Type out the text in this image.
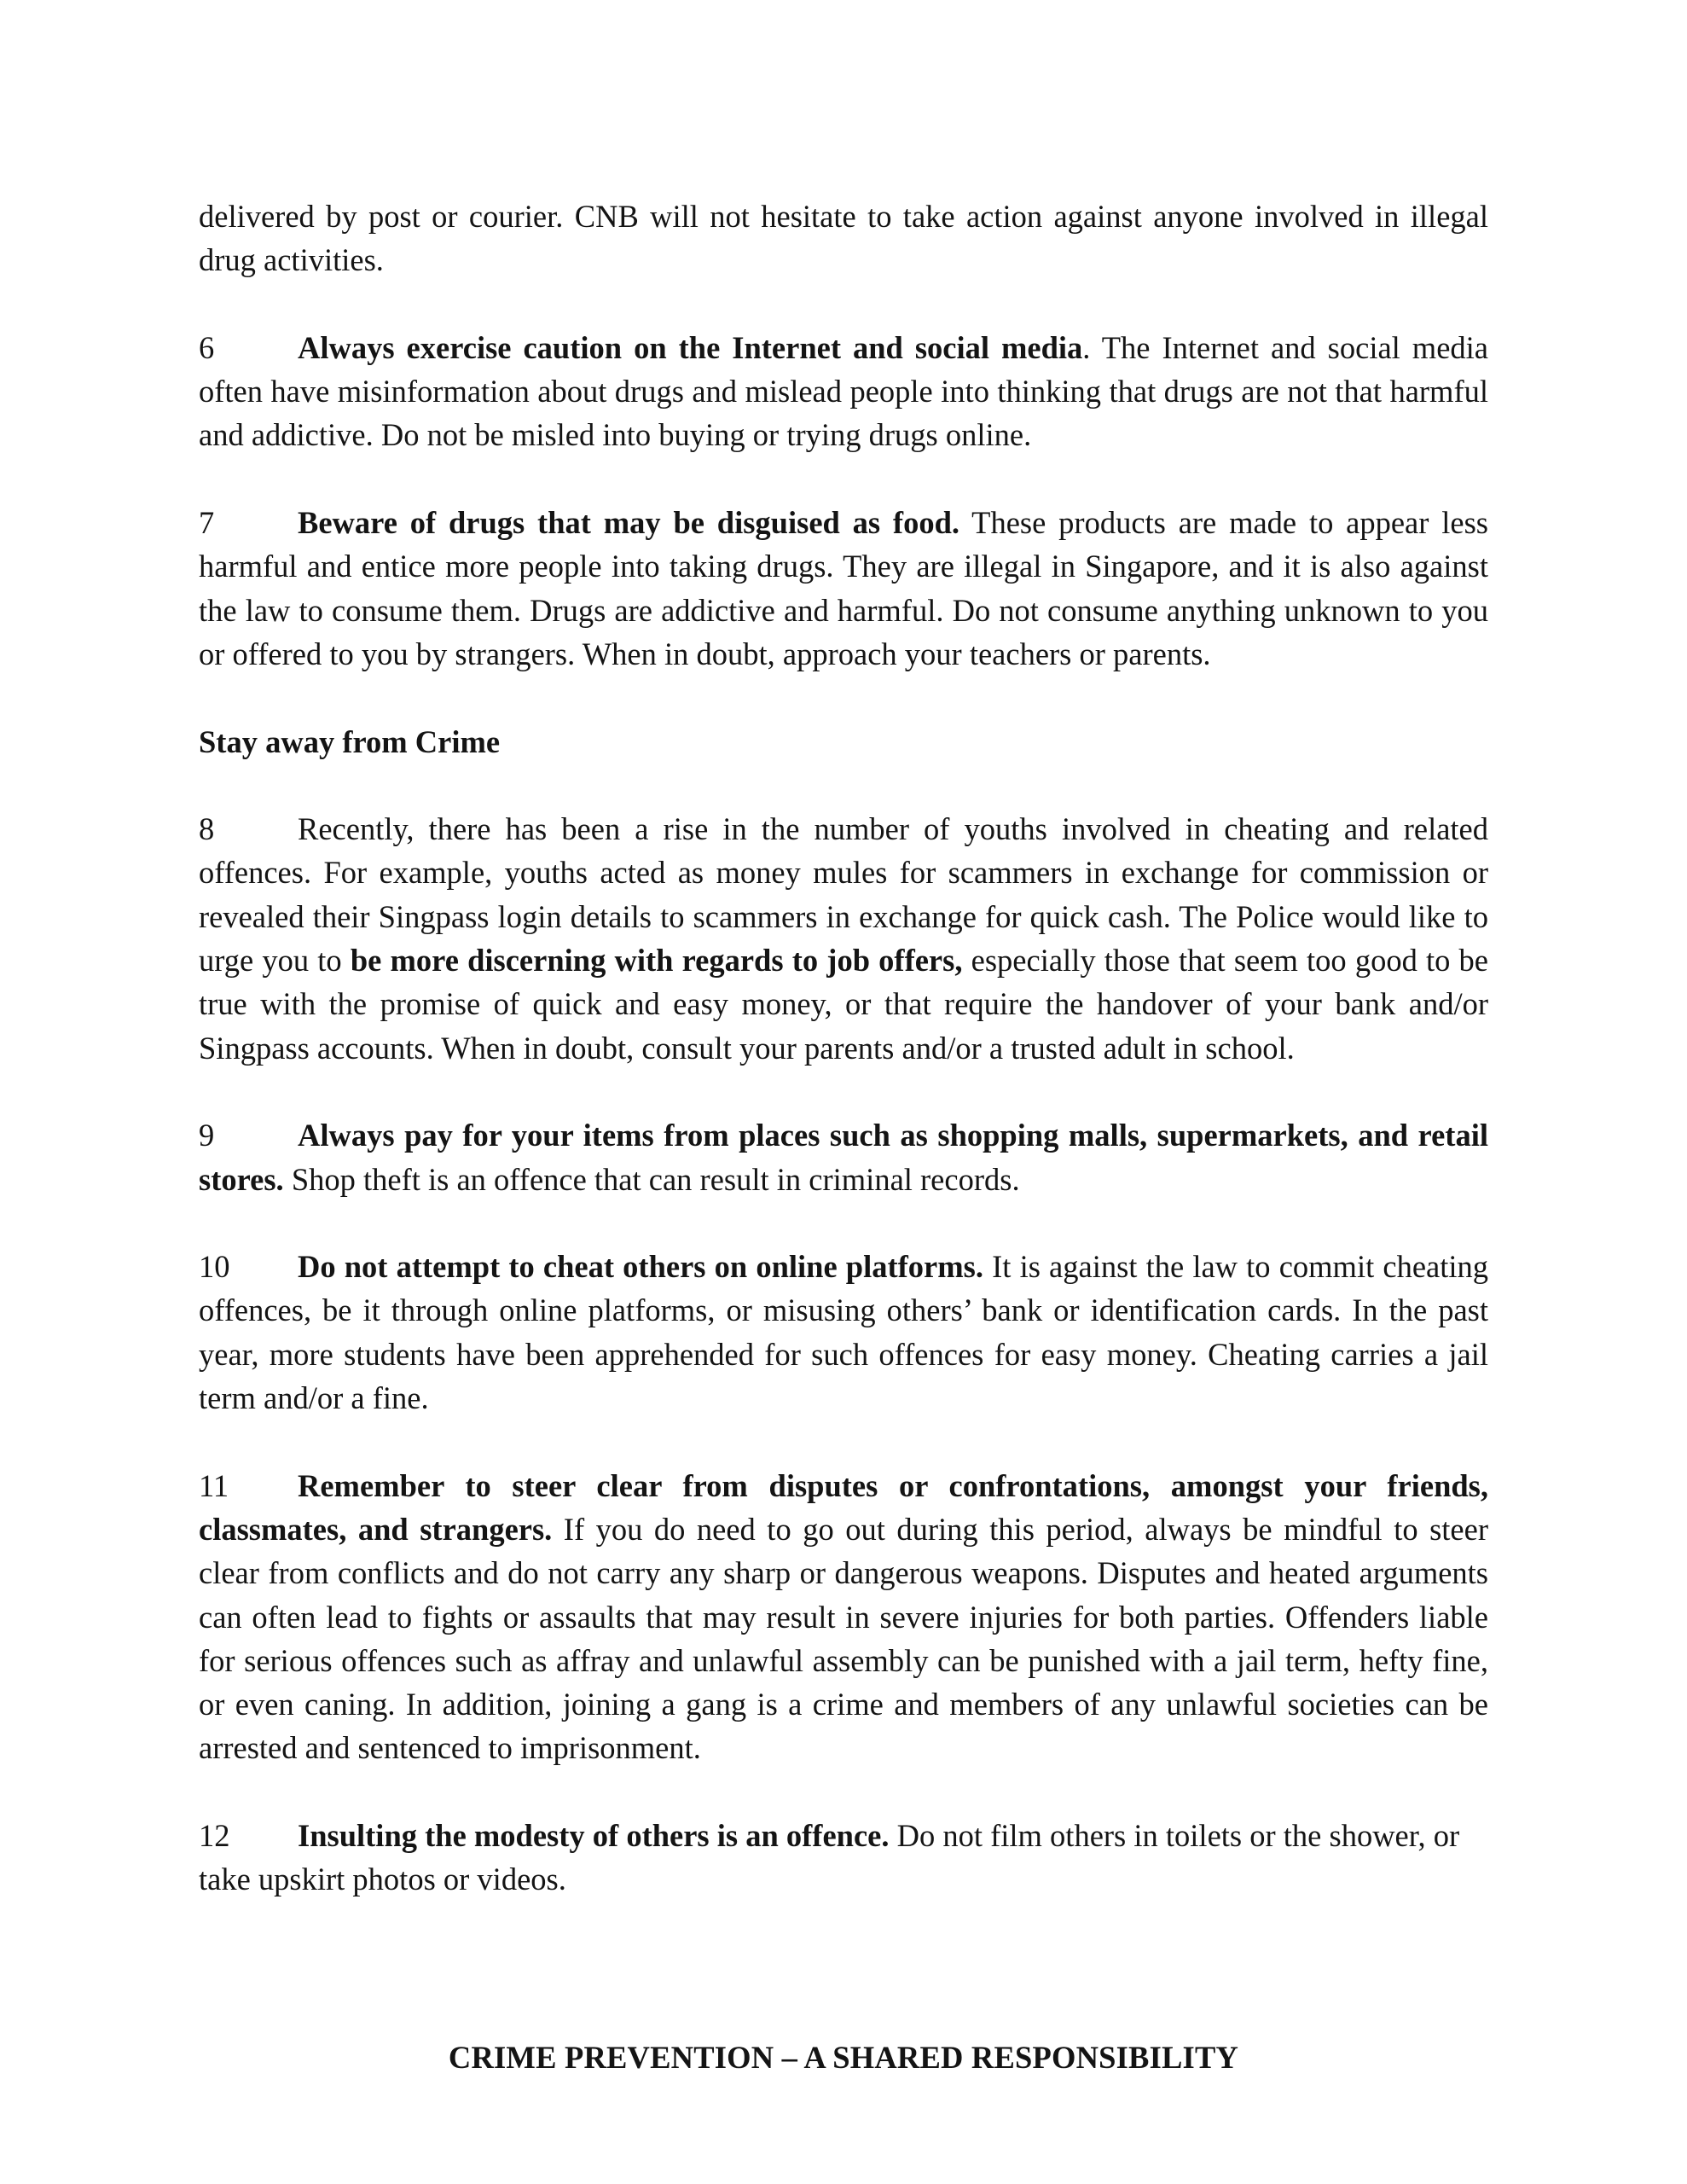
delivered by post or courier. CNB will not hesitate to take action against anyone involved in illegal drug activities.

6	Always exercise caution on the Internet and social media. The Internet and social media often have misinformation about drugs and mislead people into thinking that drugs are not that harmful and addictive. Do not be misled into buying or trying drugs online.

7	Beware of drugs that may be disguised as food. These products are made to appear less harmful and entice more people into taking drugs. They are illegal in Singapore, and it is also against the law to consume them. Drugs are addictive and harmful. Do not consume anything unknown to you or offered to you by strangers. When in doubt, approach your teachers or parents.

Stay away from Crime

8	Recently, there has been a rise in the number of youths involved in cheating and related offences. For example, youths acted as money mules for scammers in exchange for commission or revealed their Singpass login details to scammers in exchange for quick cash. The Police would like to urge you to be more discerning with regards to job offers, especially those that seem too good to be true with the promise of quick and easy money, or that require the handover of your bank and/or Singpass accounts. When in doubt, consult your parents and/or a trusted adult in school.

9	Always pay for your items from places such as shopping malls, supermarkets, and retail stores. Shop theft is an offence that can result in criminal records.

10 Do not attempt to cheat others on online platforms. It is against the law to commit cheating offences, be it through online platforms, or misusing others’ bank or identification cards. In the past year, more students have been apprehended for such offences for easy money. Cheating carries a jail term and/or a fine.

11 Remember to steer clear from disputes or confrontations, amongst your friends, classmates, and strangers. If you do need to go out during this period, always be mindful to steer clear from conflicts and do not carry any sharp or dangerous weapons. Disputes and heated arguments can often lead to fights or assaults that may result in severe injuries for both parties. Offenders liable for serious offences such as affray and unlawful assembly can be punished with a jail term, hefty fine, or even caning. In addition, joining a gang is a crime and members of any unlawful societies can be arrested and sentenced to imprisonment.

12 Insulting the modesty of others is an offence. Do not film others in toilets or the shower, or take upskirt photos or videos.

CRIME PREVENTION – A SHARED RESPONSIBILITY
